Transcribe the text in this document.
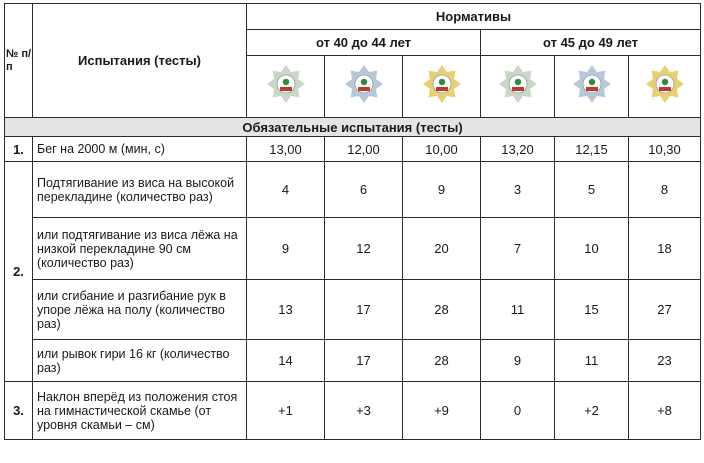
№ п/п	Испытания (тесты)	Нормативы					
		от 40 до 44 лет			от 45 до 49 лет		

Обязательные испытания (тесты)							
1.	Бег на 2000 м (мин, с)	13,00	12,00	10,00	13,20	12,15	10,30
2.	Подтягивание из виса на высокой перекладине (количество раз)	4	6	9	3	5	8
	или подтягивание из виса лёжа на низкой перекладине 90 см (количество раз)	9	12	20	7	10	18
	или сгибание и разгибание рук в упоре лёжа на полу (количество раз)	13	17	28	11	15	27
	или рывок гири 16 кг (количество раз)	14	17	28	9	11	23
3.	Наклон вперёд из положения стоя на гимнастической скамье (от уровня скамьи – см)	+1	+3	+9	0	+2	+8
